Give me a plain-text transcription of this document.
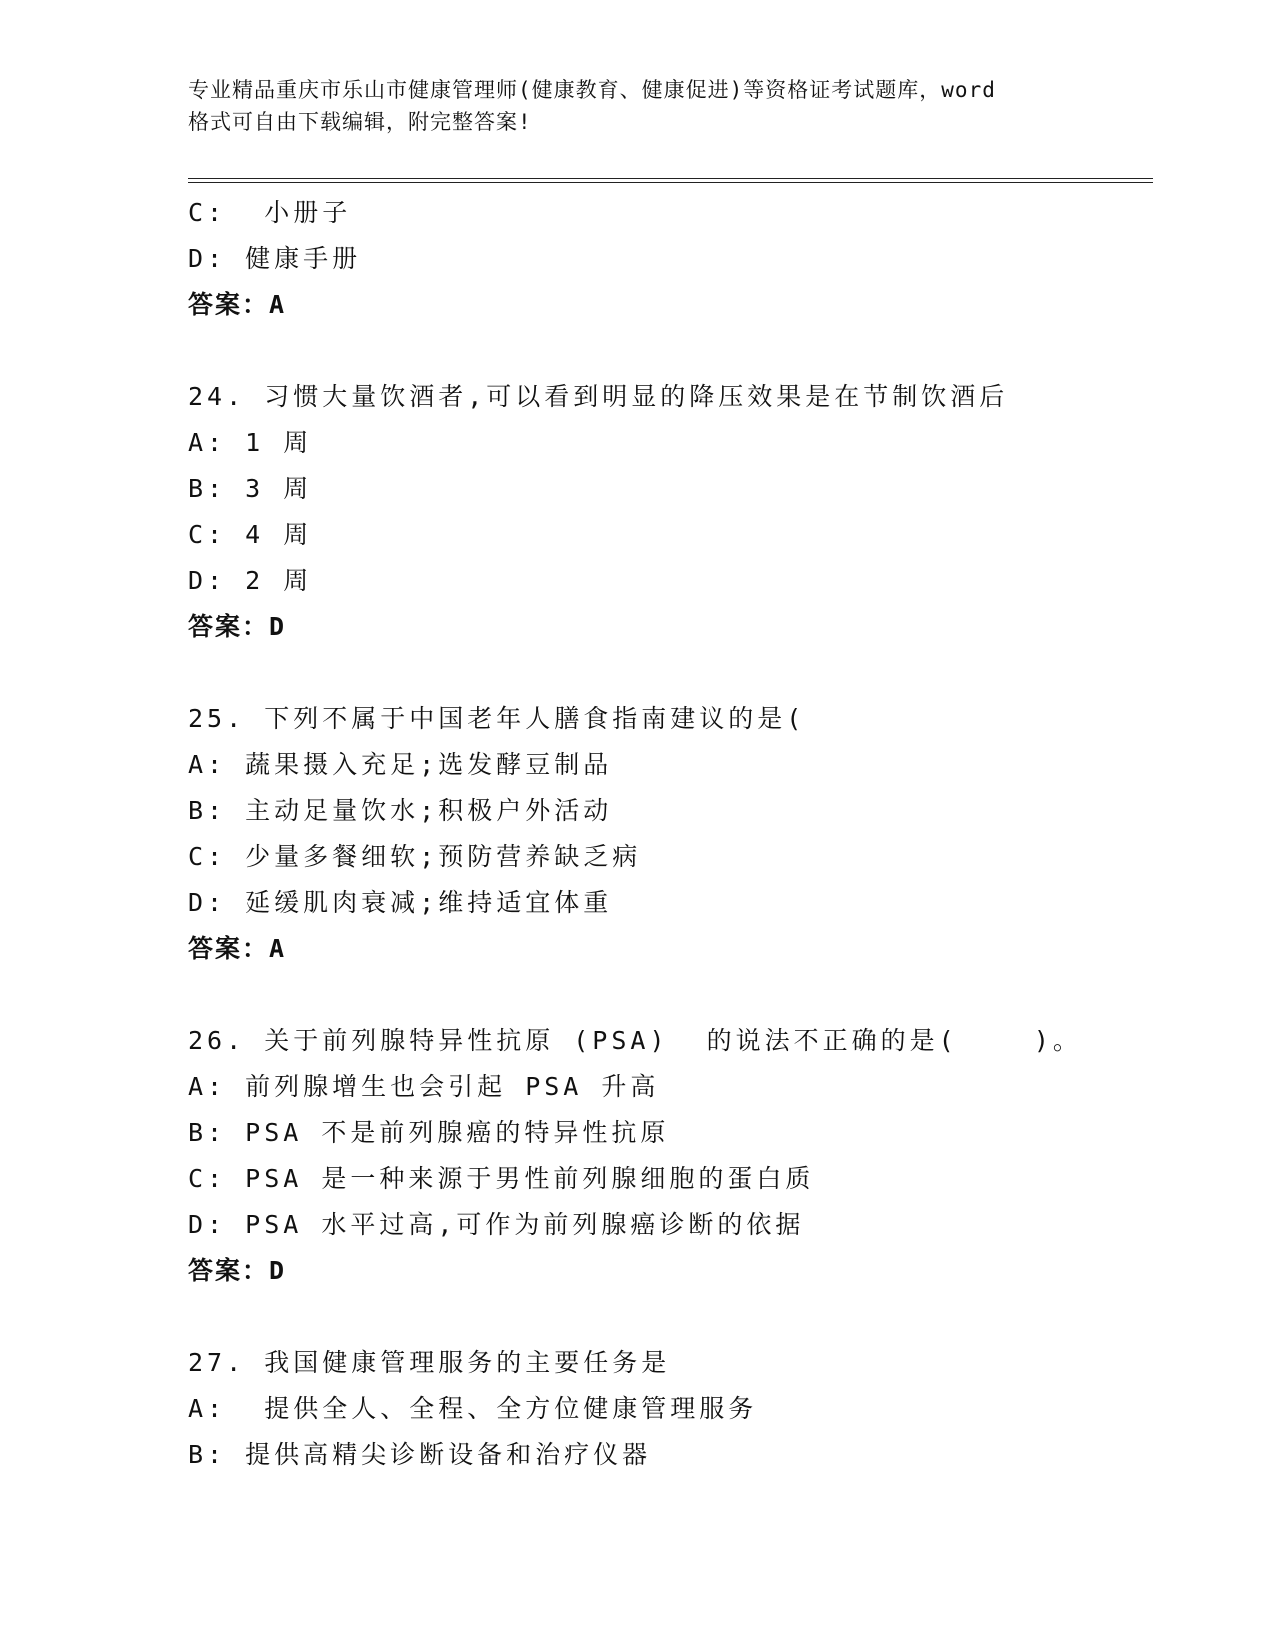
专业精品重庆市乐山市健康管理师(健康教育、健康促进)等资格证考试题库，word
格式可自由下载编辑，附完整答案!
C:  小册子
D: 健康手册
答案：A
24. 习惯大量饮酒者,可以看到明显的降压效果是在节制饮酒后
A: 1 周
B: 3 周
C: 4 周
D: 2 周
答案：D
25. 下列不属于中国老年人膳食指南建议的是(
A: 蔬果摄入充足;选发酵豆制品
B: 主动足量饮水;积极户外活动
C: 少量多餐细软;预防营养缺乏病
D: 延缓肌肉衰减;维持适宜体重
答案：A
26. 关于前列腺特异性抗原 (PSA)  的说法不正确的是(    )。
A: 前列腺增生也会引起 PSA 升高
B: PSA 不是前列腺癌的特异性抗原
C: PSA 是一种来源于男性前列腺细胞的蛋白质
D: PSA 水平过高,可作为前列腺癌诊断的依据
答案：D
27. 我国健康管理服务的主要任务是
A:  提供全人、全程、全方位健康管理服务
B: 提供高精尖诊断设备和治疗仪器
